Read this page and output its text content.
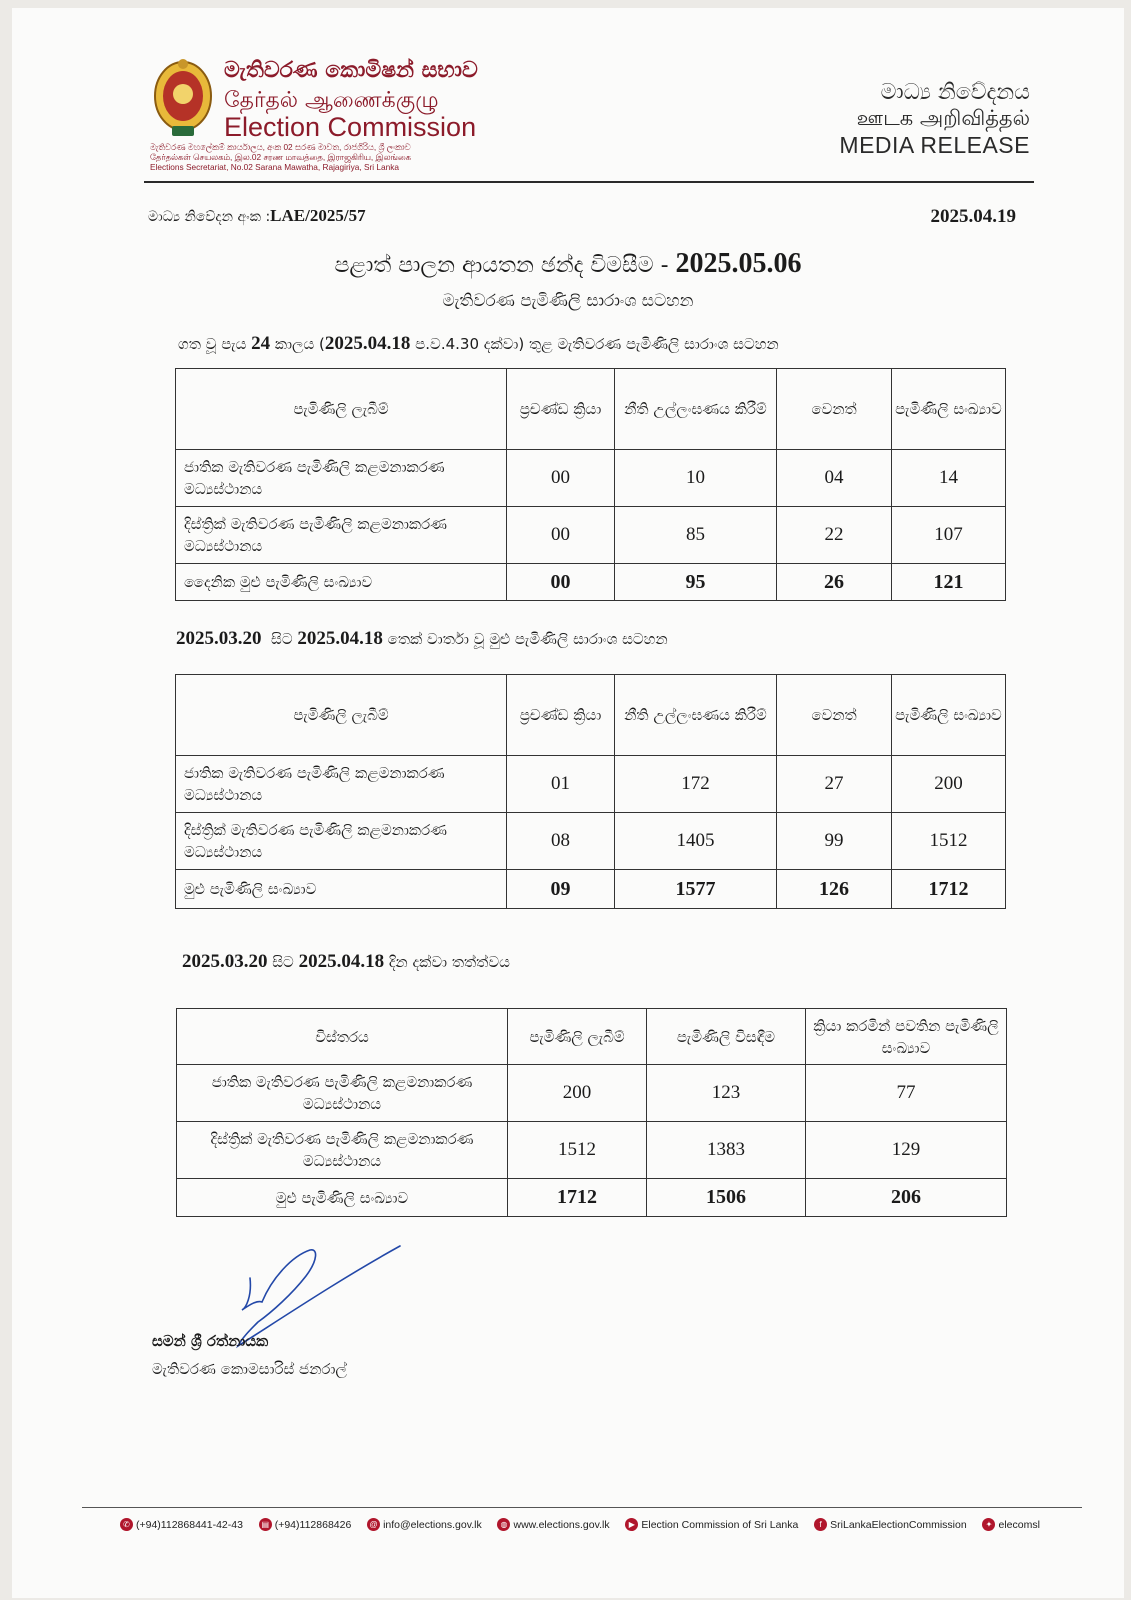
මැතිවරණ කොමිෂන් සභාව
தேர்தல் ஆணைக்குழு
Election Commission
මැතිවරණ මහලේකම් කාර්යාලය, අංක 02 සරණ මාවත, රාජගිරිය, ශ්‍රී ලංකාව
தேர்தல்கள் செயலகம், இல.02 சரண மாவத்தை, இராஜகிரிய, இலங்கை
Elections Secretariat, No.02 Sarana Mawatha, Rajagiriya, Sri Lanka
මාධ්‍ය නිවේදනය
ஊடக அறிவித்தல்
MEDIA RELEASE
මාධ්‍ය නිවේදන අංක :LAE/2025/57	2025.04.19
පළාත් පාලන ආයතන ඡන්ද විමසීම - 2025.05.06
මැතිවරණ පැමිණිලි සාරාංශ සටහන
ගත වූ පැය 24 කාලය (2025.04.18 ප.ව.4.30 දක්වා) තුළ මැතිවරණ පැමිණිලි සාරාංශ සටහන
පැමිණිලි ලැබීම්	ප්‍රචණ්ඩ ක්‍රියා	නීති උල්ලංඝණය කිරීම්	වෙනත්	පැමිණිලි සංඛ්‍යාව
ජාතික මැතිවරණ පැමිණිලි කළමනාකරණ මධ්‍යස්ථානය	00	10	04	14
දිස්ත්‍රික් මැතිවරණ පැමිණිලි කළමනාකරණ මධ්‍යස්ථානය	00	85	22	107
දෛනික මුළු පැමිණිලි සංඛ්‍යාව	00	95	26	121
2025.03.20  සිට 2025.04.18 තෙක් වාර්තා වූ මුළු පැමිණිලි සාරාංශ සටහන
පැමිණිලි ලැබීම්	ප්‍රචණ්ඩ ක්‍රියා	නීති උල්ලංඝණය කිරීම්	වෙනත්	පැමිණිලි සංඛ්‍යාව
ජාතික මැතිවරණ පැමිණිලි කළමනාකරණ මධ්‍යස්ථානය	01	172	27	200
දිස්ත්‍රික් මැතිවරණ පැමිණිලි කළමනාකරණ මධ්‍යස්ථානය	08	1405	99	1512
මුළු පැමිණිලි සංඛ්‍යාව	09	1577	126	1712
2025.03.20 සිට 2025.04.18 දින දක්වා තත්ත්වය
විස්තරය	පැමිණිලි ලැබීම්	පැමිණිලි විසඳීම	ක්‍රියා කරමින් පවතින පැමිණිලි සංඛ්‍යාව
ජාතික මැතිවරණ පැමිණිලි කළමනාකරණ මධ්‍යස්ථානය	200	123	77
දිස්ත්‍රික් මැතිවරණ පැමිණිලි කළමනාකරණ මධ්‍යස්ථානය	1512	1383	129
මුළු පැමිණිලි සංඛ්‍යාව	1712	1506	206
සමන් ශ්‍රී රත්නායක
මැතිවරණ කොමසාරිස් ජනරාල්
✆ (+94)112868441-42-43	▤ (+94)112868426	@ info@elections.gov.lk	◍ www.elections.gov.lk	▶ Election Commission of Sri Lanka	f SriLankaElectionCommission	✦ elecomsl
